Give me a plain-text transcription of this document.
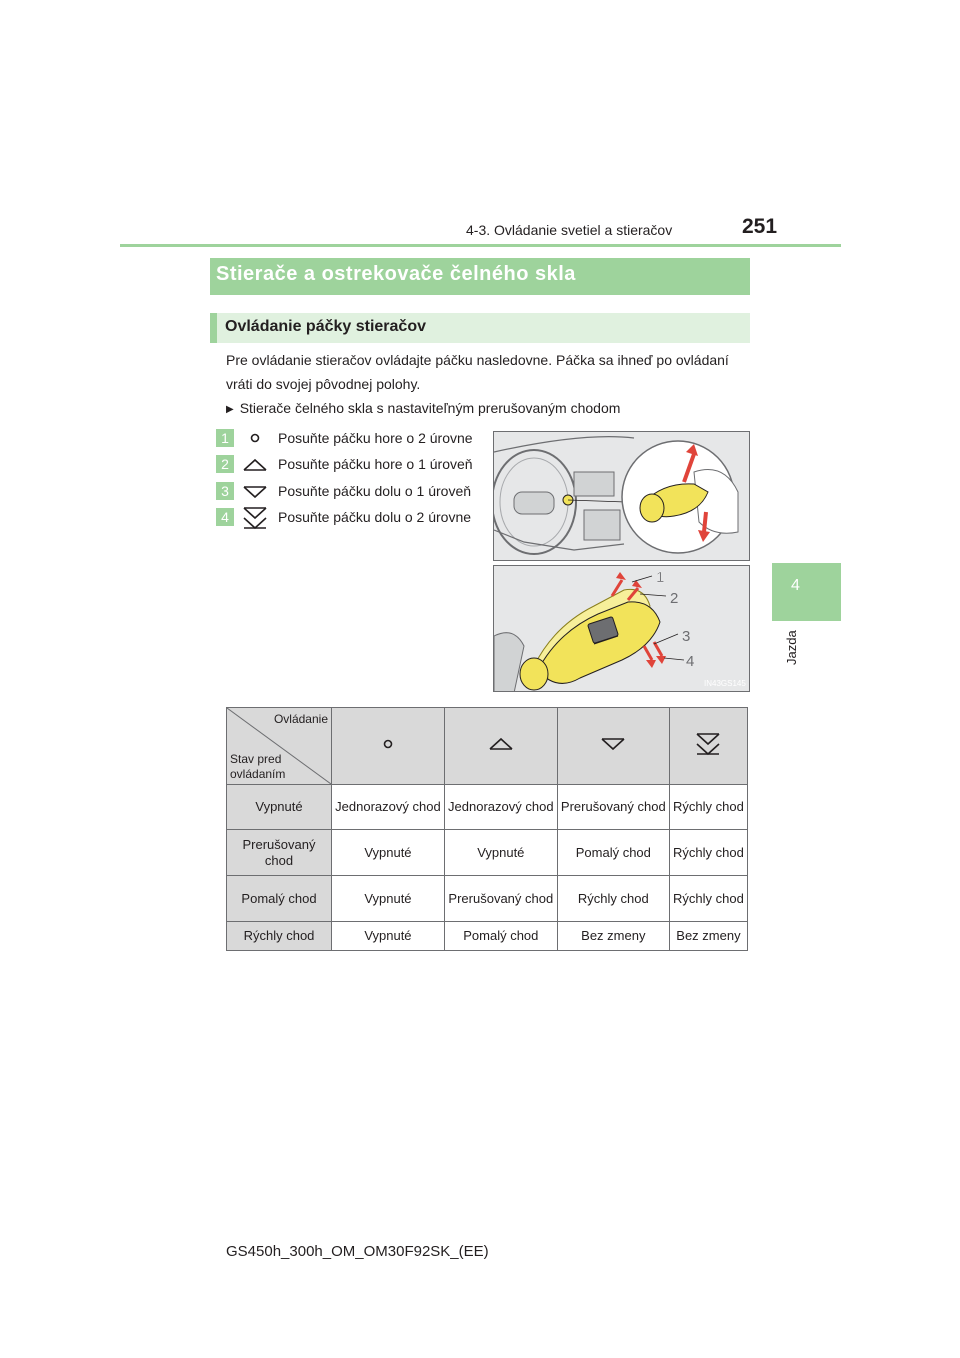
4-3. Ovládanie svetiel a stieračov	251
4
Jazda
Stierače a ostrekovače čelného skla
Ovládanie páčky stieračov
Pre ovládanie stieračov ovládajte páčku nasledovne. Páčka sa ihneď po ovládaní vráti do svojej pôvodnej polohy.
▶ Stierače čelného skla s nastaviteľným prerušovaným chodom
1	Posuňte páčku hore o 2 úrovne
2	Posuňte páčku hore o 1 úroveň
3	Posuňte páčku dolu o 1 úroveň
4	Posuňte páčku dolu o 2 úrovne
1
2
3
4
IN43GS145
Ovládanie
Stav pred ovládaním

Vypnuté	Jednorazový chod	Jednorazový chod	Prerušovaný chod	Rýchly chod
Prerušovaný chod	Vypnuté	Vypnuté	Pomalý chod	Rýchly chod
Pomalý chod	Vypnuté	Prerušovaný chod	Rýchly chod	Rýchly chod
Rýchly chod	Vypnuté	Pomalý chod	Bez zmeny	Bez zmeny
GS450h_300h_OM_OM30F92SK_(EE)
